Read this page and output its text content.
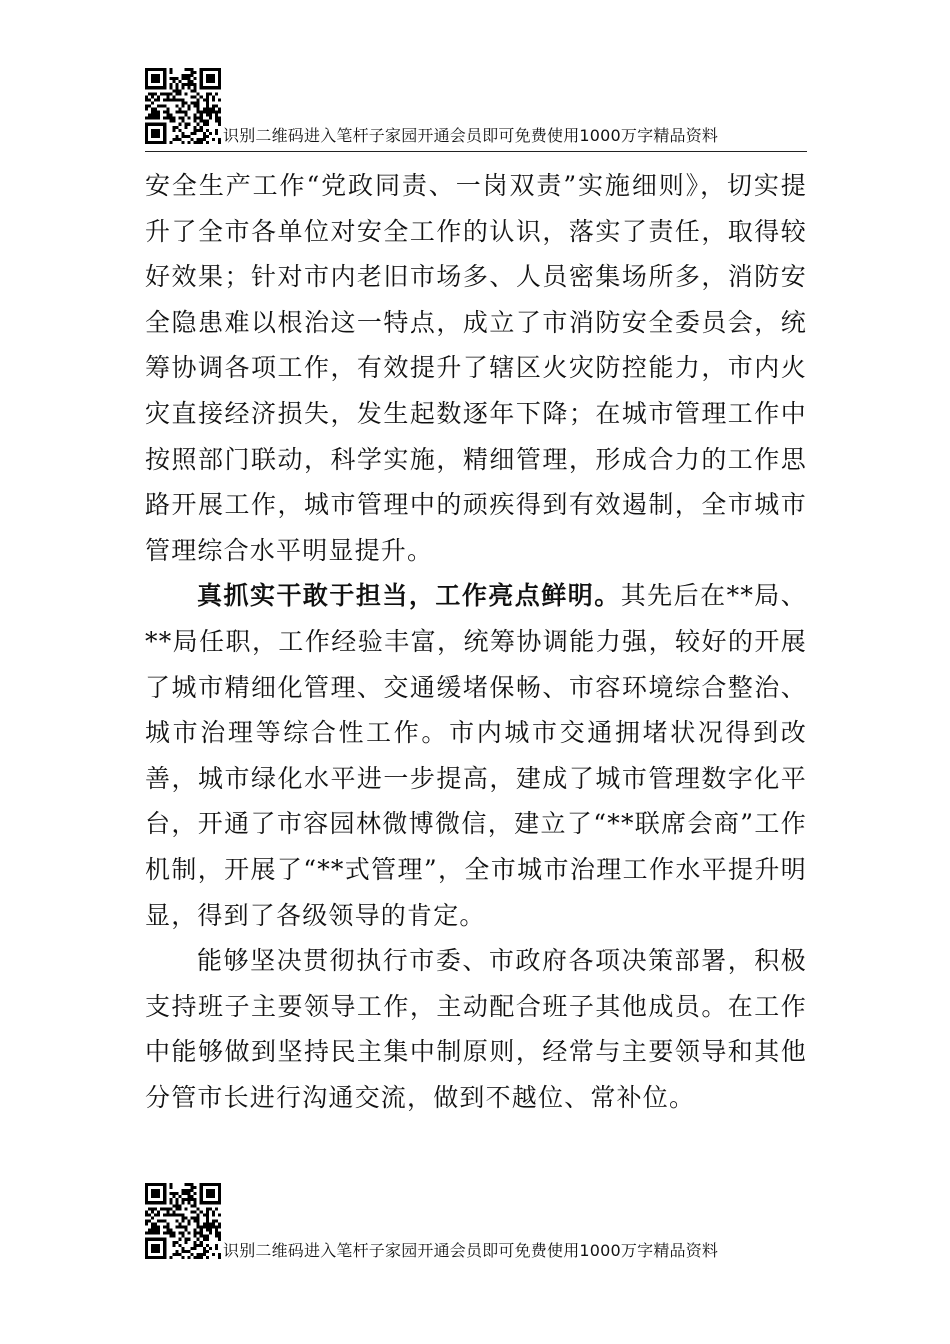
识别二维码进入笔杆子家园开通会员即可免费使用1000万字精品资料

安全生产工作“党政同责、一岗双责”实施细则》，切实提升了全市各单位对安全工作的认识，落实了责任，取得较好效果；针对市内老旧市场多、人员密集场所多，消防安全隐患难以根治这一特点，成立了市消防安全委员会，统筹协调各项工作，有效提升了辖区火灾防控能力，市内火灾直接经济损失，发生起数逐年下降；在城市管理工作中按照部门联动，科学实施，精细管理，形成合力的工作思路开展工作，城市管理中的顽疾得到有效遏制，全市城市管理综合水平明显提升。

真抓实干敢于担当，工作亮点鲜明。其先后在**局、**局任职，工作经验丰富，统筹协调能力强，较好的开展了城市精细化管理、交通缓堵保畅、市容环境综合整治、城市治理等综合性工作。市内城市交通拥堵状况得到改善，城市绿化水平进一步提高，建成了城市管理数字化平台，开通了市容园林微博微信，建立了“**联席会商”工作机制，开展了“**式管理”，全市城市治理工作水平提升明显，得到了各级领导的肯定。

能够坚决贯彻执行市委、市政府各项决策部署，积极支持班子主要领导工作，主动配合班子其他成员。在工作中能够做到坚持民主集中制原则，经常与主要领导和其他分管市长进行沟通交流，做到不越位、常补位。

识别二维码进入笔杆子家园开通会员即可免费使用1000万字精品资料
